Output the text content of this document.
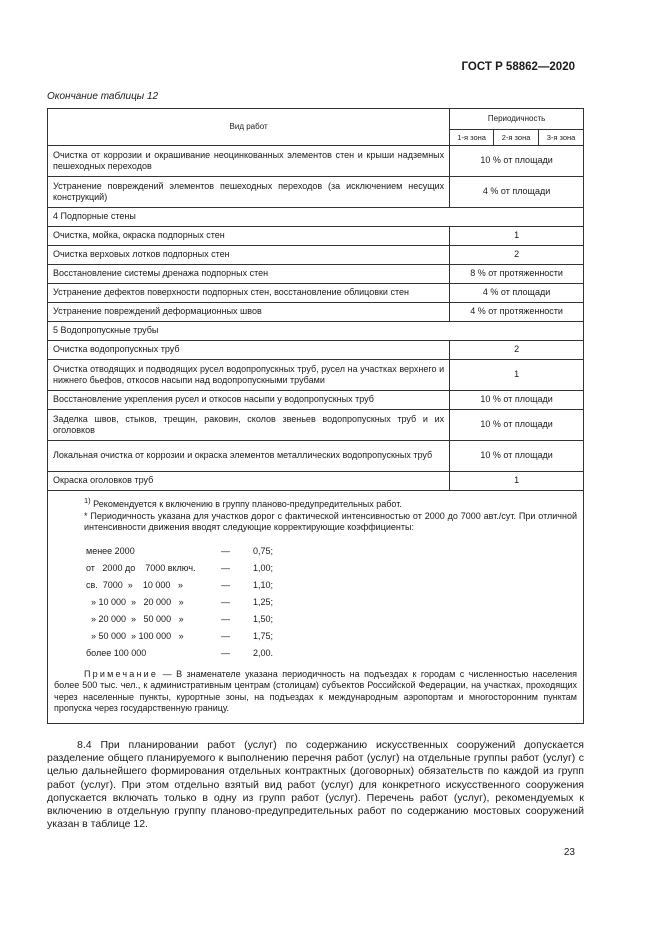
ГОСТ Р 58862—2020
Окончание таблицы 12
Вид работ	Периодичность
1-я зона	2-я зона	3-я зона
Очистка от коррозии и окрашивание неоцинкованных элементов стен и крыши надземных пешеходных переходов	10 % от площади
Устранение повреждений элементов пешеходных переходов (за исключением несущих конструкций)	4 % от площади
4 Подпорные стены
Очистка, мойка, окраска подпорных стен	1
Очистка верховых лотков подпорных стен	2
Восстановление системы дренажа подпорных стен	8 % от протяженности
Устранение дефектов поверхности подпорных стен, восстановление облицовки стен	4 % от площади
Устранение повреждений деформационных швов	4 % от протяженности
5 Водопропускные трубы
Очистка водопропускных труб	2
Очистка отводящих и подводящих русел водопропускных труб, русел на участках верхнего и нижнего бьефов, откосов насыпи над водопропускными трубами	1
Восстановление укрепления русел и откосов насыпи у водопропускных труб	10 % от площади
Заделка швов, стыков, трещин, раковин, сколов звеньев водопропускных труб и их оголовков	10 % от площади
Локальная очистка от коррозии и окраска элементов металлических водопропускных труб	10 % от площади
Окраска оголовков труб	1

$^{1)}$ Рекомендуется к включению в группу планово-предупредительных работ.

* Периодичность указана для участков дорог с фактической интенсивностью от 2000 до 7000 авт./сут. При отличной интенсивности движения вводят следующие корректирующие коэффициенты:

менее 2000	—	0,75;
от   2000 до    7000 включ.	—	1,00;
св.  7000  »    10 000   »	—	1,10;
» 10 000  »   20 000   »	—	1,25;
» 20 000  »   50 000   »	—	1,50;
» 50 000  » 100 000   »	—	1,75;
более 100 000	—	2,00.

Примечание — В знаменателе указана периодичность на подъездах к городам с численностью населения более 500 тыс. чел., к административным центрам (столицам) субъектов Российской Федерации, на участках, проходящих через населенные пункты, курортные зоны, на подъездах к международным аэропортам и многосторонним пунктам пропуска через государственную границу.

8.4 При планировании работ (услуг) по содержанию искусственных сооружений допускается разделение общего планируемого к выполнению перечня работ (услуг) на отдельные группы работ (услуг) с целью дальнейшего формирования отдельных контрактных (договорных) обязательств по каждой из групп работ (услуг). При этом отдельно взятый вид работ (услуг) для конкретного искусственного сооружения допускается включать только в одну из групп работ (услуг). Перечень работ (услуг), рекомендуемых к включению в отдельную группу планово-предупредительных работ по содержанию мостовых сооружений указан в таблице 12.
23
